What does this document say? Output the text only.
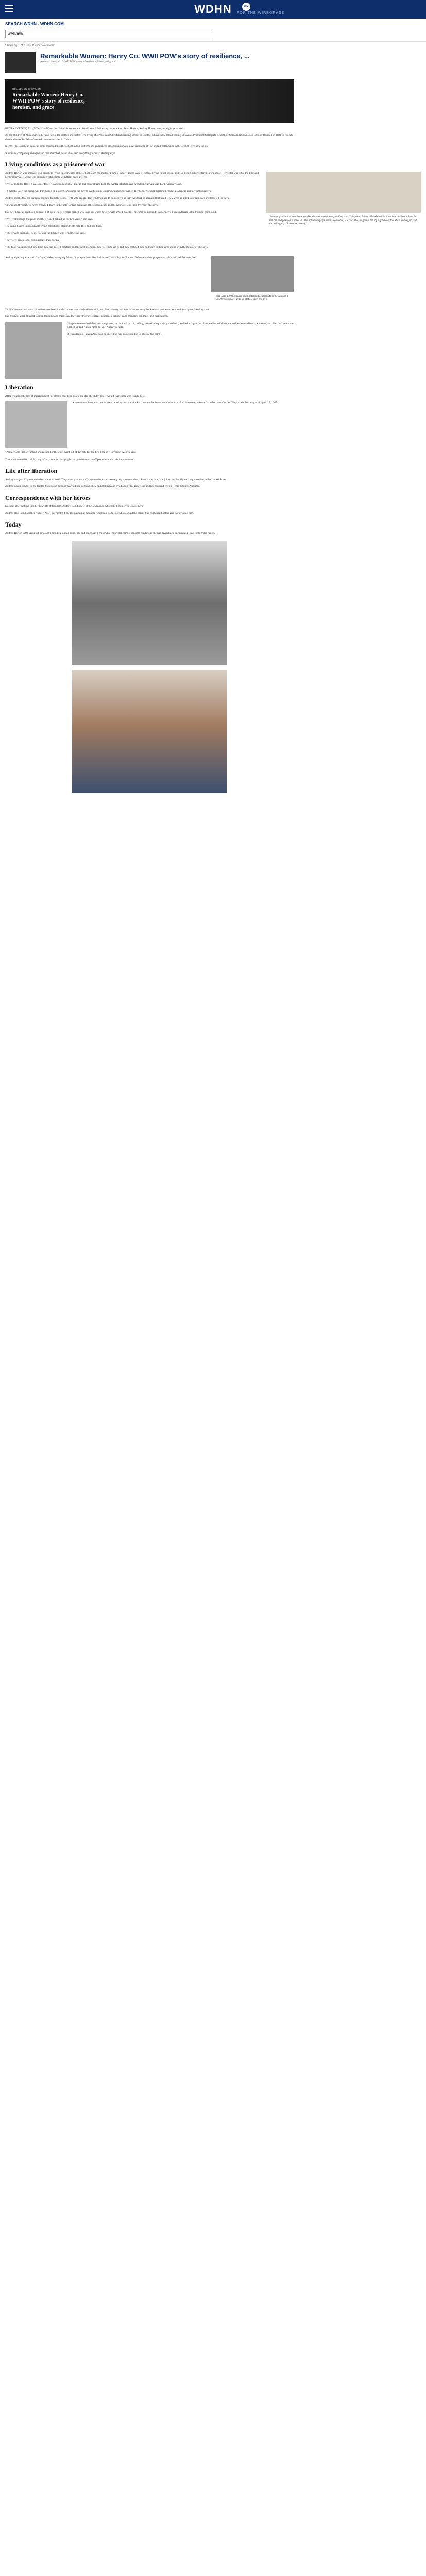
WDHN	abc
FOR THE WIREGRASS
SEARCH WDHN - WDHN.COM
wellview
Showing 1 of 1 results for "wellview"
Remarkable Women: Henry Co. WWII POW's story of resilience, ...
Audrey ... Henry Co. WWII POW's story of resilience, bloom, and grace
REMARKABLE WOMEN
Remarkable Women: Henry Co. WWII POW's story of resilience, heroism, and grace

HENRY COUNTY, Ala. (WDHN) – When the United States entered World War II following the attack on Pearl Harbor, Audrey Horton was just eight years old.

As the children of missionaries, her and her older brother and sister were living at a Protestant Christian boarding school in Chefoo, China (now called Yantai) known as Protestant Collegiate School, or China Inland Mission School, founded in 1881 to educate the children of British and American missionaries in China.

In 1941, the Japanese imperial army marched into the school in full uniform and announced all occupants were now prisoners of war and all belongings in the school were now theirs.

"Our lives completely changed and then marched in and they said everything is ours," Audrey says.

Living conditions as a prisoner of war
She was given a prisoner-of-war number she was to wear every waking hour. This piece of embroidered cloth indicated the rest-block three for roll call and prisoner number 50. The bottom displays her maiden name, Haskins. The insignia in the top right shows that she's Norwegian, and the writing says "I promise to obey."

Audrey Horton was amongst 450 prisoners living in six houses at the school, each roomed for a single family. There were 11 people living in her house, and 150 living in her sister-in-law's house. Her sister was 12 at the time and her brother was 15; she was allowed visiting time with them once a week.

"We slept on the floor, it was crowded, it was uncomfortable, I mean but you got used to it, the winter situation and everything, it was very hard," Audrey says.

12 months later, the group was transferred to a larger camp near the city of Weihsien in China's Shandong province. Her former school building became a Japanese military headquarters.

Audrey recalls that the dreadful journey from the school with 200 people. The windows had to be covered so they wouldn't be seen and bothered. They were all piled into train cars and traveled for days.

"It was a filthy boat, we were crowded down in the hold for two nights and the cockroaches and the rats were crawling over us," she says.

Her new home at Weihsien consisted of high walls, electric barbed wire, and six watch towers with armed guards. The camp compound was formerly a Presbyterian Bible training compound.

"We went through the gates and they closed behind us for two years," she says.

The camp hosted unimaginable living conditions, plagued with rats, flies and bed bugs.

"There were bed bugs, fleas, lice and the kitchen was terrible," she says.

They were given food, but most less than normal.

"The food was not good, one time they had peeled potatoes and the next morning, they were boiling it, and they realized they had been boiling eggs along with the potatoes," she says.

There were 1500 prisoners of all different backgrounds in the camp in a 150x200 yard space, with all of these seen children.
Audrey says they saw their 'last' (sic) vision emerging. Many faced questions like, is that real? What is life all about? What was their purpose on this earth? All became that.

"It didn't matter, we were all in the same boat, it didn't matter that you had been rich, and I had money and saw in the doorway back where you were because it was gone," Audrey says.

Her teachers were allowed to keep teaching and made sure they had structure, chores, schedules, school, good manners, kindness, and helpfulness.

"People were out and they saw the planes, and it was kind of circling around, everybody got so loud, we looked up at the plane and it said 'America' and we knew the war was over, and then the parachutes opened up and 7 men came down." Audrey recalls.
It was a team of seven American soldiers that had parachuted in to liberate the camp.
Liberation

After enduring the life of imprisonment for almost four long years, the day she didn't know would ever come was finally here.

A seven-man American rescue team raced against the clock to prevent the last minute massacre of all internees due to a "scorched earth" order. They made the camp on August 17, 1945.

"People were just screaming and rushed for the gate, went out of the gate for the first time in two years," Audrey says.

Those men were hero idols; they asked them for autographs and some even cut off pieces of their hair for souvenirs.

Life after liberation

Audrey was just 12 years old when she was freed. They were ganreed to Tsingtao where the rescue group then sent them. After some time, she joined her family and they travelled to the United States.

Audrey was in school in the United States, she met and married her husband, they had children and lived a full life. Today she and her husband live in Henry County, Alabama.

Correspondence with her heroes

Decades after settling into her new life of freedom, Audrey found a few of the seven men who risked their lives to save hers.

Audrey also found another rescuer, Nisei interpreter, Sgt. Tad Nagaki, a Japanese American from Boy who rescued the camp. She exchanged letters and even visited him.

Today

Audrey Horton is 92 years old now, and embodies human resilience and grace. As a child who endured incomprehensible conditions she has given back in countless ways throughout her life.
